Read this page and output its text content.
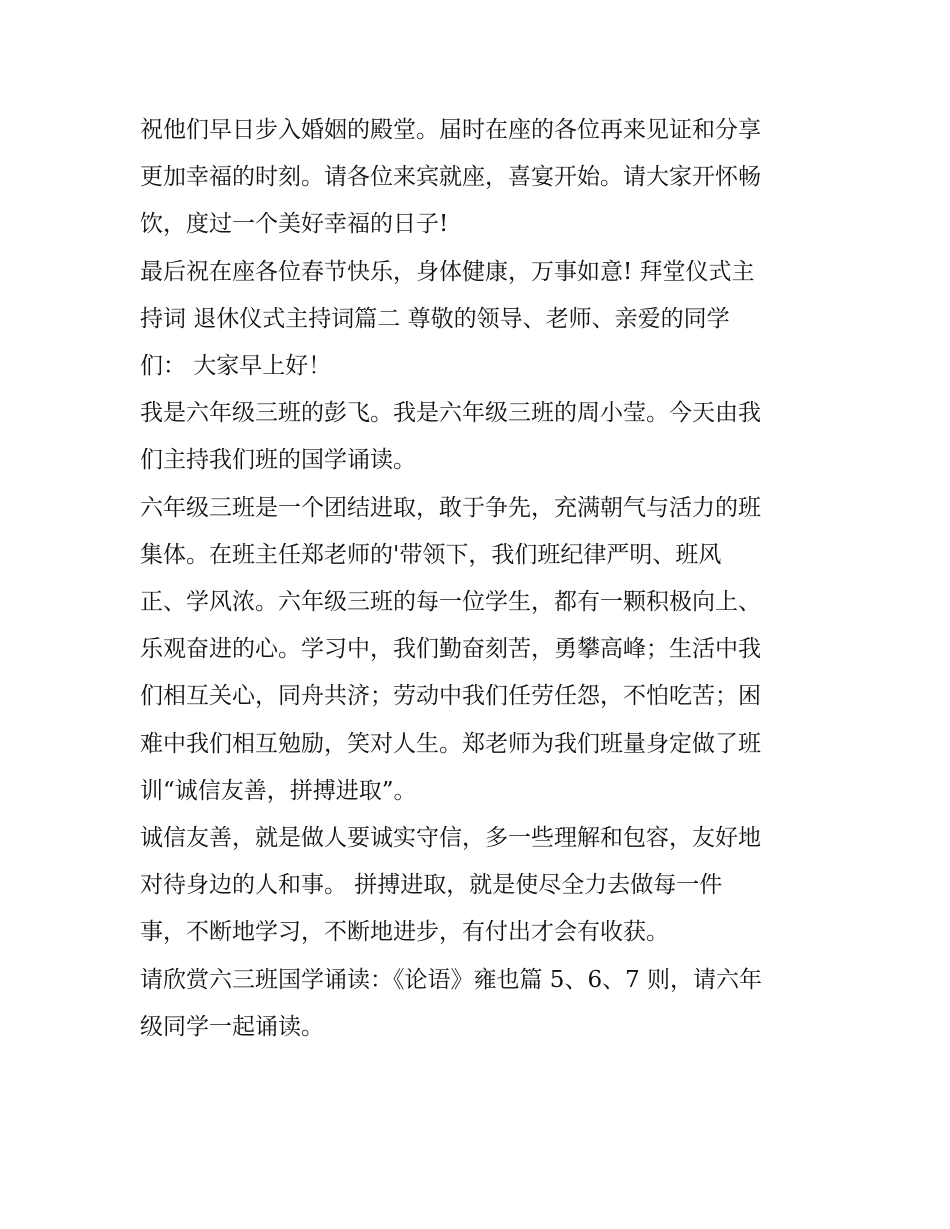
祝他们早日步入婚姻的殿堂。届时在座的各位再来见证和分享
更加幸福的时刻。请各位来宾就座，喜宴开始。请大家开怀畅
饮，度过一个美好幸福的日子!

最后祝在座各位春节快乐，身体健康，万事如意! 拜堂仪式主
持词 退休仪式主持词篇二 尊敬的领导、老师、亲爱的同学
们： 大家早上好！

我是六年级三班的彭飞。我是六年级三班的周小莹。今天由我
们主持我们班的国学诵读。

六年级三班是一个团结进取，敢于争先，充满朝气与活力的班
集体。在班主任郑老师的'带领下，我们班纪律严明、班风
正、学风浓。六年级三班的每一位学生，都有一颗积极向上、
乐观奋进的心。学习中，我们勤奋刻苦，勇攀高峰；生活中我
们相互关心，同舟共济；劳动中我们任劳任怨，不怕吃苦；困
难中我们相互勉励，笑对人生。郑老师为我们班量身定做了班
训“诚信友善，拼搏进取”。

诚信友善，就是做人要诚实守信，多一些理解和包容，友好地
对待身边的人和事。 拼搏进取，就是使尽全力去做每一件
事，不断地学习，不断地进步，有付出才会有收获。

请欣赏六三班国学诵读：《论语》雍也篇 5、6、7 则，请六年
级同学一起诵读。
